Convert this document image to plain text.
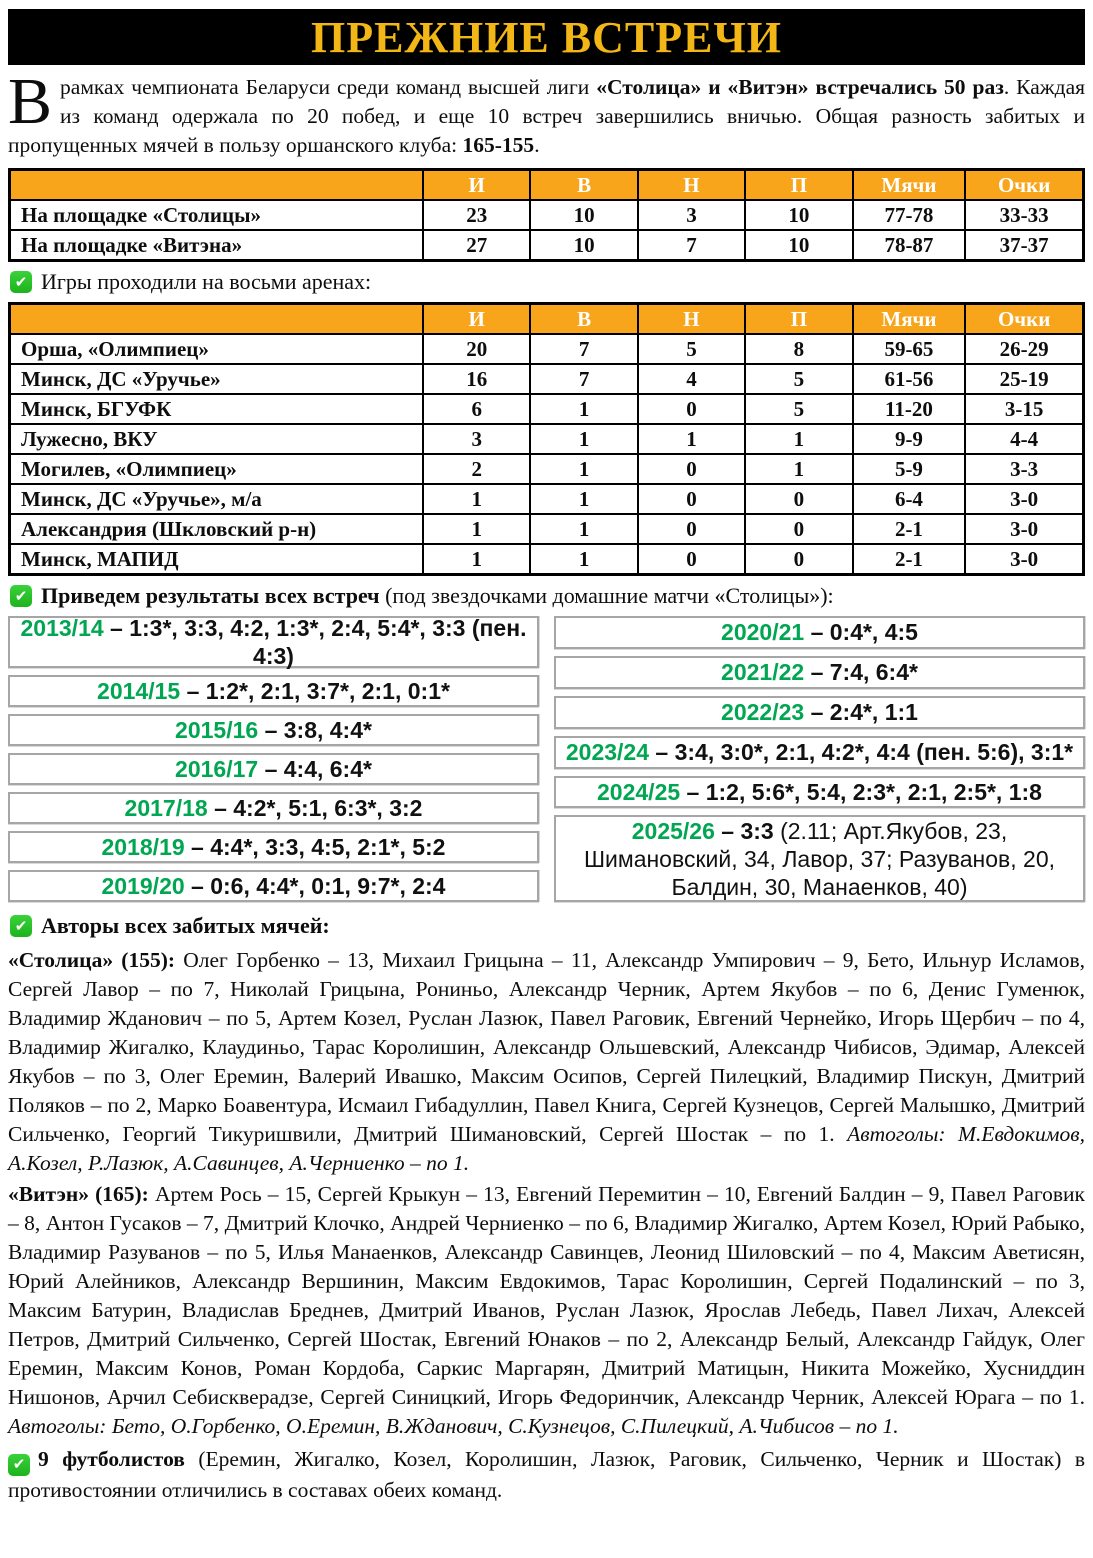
ПРЕЖНИЕ ВСТРЕЧИ

Врамках чемпионата Беларуси среди команд высшей лиги «Столица» и «Витэн» встречались 50 раз. Каждая из команд одержала по 20 побед, и еще 10 встреч завершились вничью. Общая разность забитых и пропущенных мячей в пользу оршанского клуба: 165-155.

	И	В	Н	П	Мячи	Очки
На площадке «Столицы»	23	10	3	10	77-78	33-33
На площадке «Витэна»	27	10	7	10	78-87	37-37
✔ Игры проходили на восьми аренах:
	И	В	Н	П	Мячи	Очки
Орша, «Олимпиец»	20	7	5	8	59-65	26-29
Минск, ДС «Уручье»	16	7	4	5	61-56	25-19
Минск, БГУФК	6	1	0	5	11-20	3-15
Лужесно, ВКУ	3	1	1	1	9-9	4-4
Могилев, «Олимпиец»	2	1	0	1	5-9	3-3
Минск, ДС «Уручье», м/а	1	1	0	0	6-4	3-0
Александрия (Шкловский р-н)	1	1	0	0	2-1	3-0
Минск, МАПИД	1	1	0	0	2-1	3-0
✔ Приведем результаты всех встреч (под звездочками домашние матчи «Столицы»):
2013/14 – 1:3*, 3:3, 4:2, 1:3*, 2:4, 5:4*, 3:3 (пен. 4:3)
2014/15 – 1:2*, 2:1, 3:7*, 2:1, 0:1*
2015/16 – 3:8, 4:4*
2016/17 – 4:4, 6:4*
2017/18 – 4:2*, 5:1, 6:3*, 3:2
2018/19 – 4:4*, 3:3, 4:5, 2:1*, 5:2
2019/20 – 0:6, 4:4*, 0:1, 9:7*, 2:4
2020/21 – 0:4*, 4:5
2021/22 – 7:4, 6:4*
2022/23 – 2:4*, 1:1
2023/24 – 3:4, 3:0*, 2:1, 4:2*, 4:4 (пен. 5:6), 3:1*
2024/25 – 1:2, 5:6*, 5:4, 2:3*, 2:1, 2:5*, 1:8
2025/26 – 3:3 (2.11; Арт.Якубов, 23, Шимановский, 34, Лавор, 37; Разуванов, 20, Балдин, 30, Манаенков, 40)
✔ Авторы всех забитых мячей:

«Столица» (155): Олег Горбенко – 13, Михаил Грицына – 11, Александр Умпирович – 9, Бето, Ильнур Исламов, Сергей Лавор – по 7, Николай Грицына, Рониньо, Александр Черник, Артем Якубов – по 6, Денис Гуменюк, Владимир Жданович – по 5, Артем Козел, Руслан Лазюк, Павел Раговик, Евгений Чернейко, Игорь Щербич – по 4, Владимир Жигалко, Клаудиньо, Тарас Королишин, Александр Ольшевский, Александр Чибисов, Эдимар, Алексей Якубов – по 3, Олег Еремин, Валерий Ивашко, Максим Осипов, Сергей Пилецкий, Владимир Пискун, Дмитрий Поляков – по 2, Марко Боавентура, Исмаил Гибадуллин, Павел Книга, Сергей Кузнецов, Сергей Малышко, Дмитрий Сильченко, Георгий Тикуришвили, Дмитрий Шимановский, Сергей Шостак – по 1. Автоголы: М.Евдокимов, А.Козел, Р.Лазюк, А.Савинцев, А.Черниенко – по 1.

«Витэн» (165): Артем Рось – 15, Сергей Крыкун – 13, Евгений Перемитин – 10, Евгений Балдин – 9, Павел Раговик – 8, Антон Гусаков – 7, Дмитрий Клочко, Андрей Черниенко – по 6, Владимир Жигалко, Артем Козел, Юрий Рабыко, Владимир Разуванов – по 5, Илья Манаенков, Александр Савинцев, Леонид Шиловский – по 4, Максим Аветисян, Юрий Алейников, Александр Вершинин, Максим Евдокимов, Тарас Королишин, Сергей Подалинский – по 3, Максим Батурин, Владислав Бреднев, Дмитрий Иванов, Руслан Лазюк, Ярослав Лебедь, Павел Лихач, Алексей Петров, Дмитрий Сильченко, Сергей Шостак, Евгений Юнаков – по 2, Александр Белый, Александр Гайдук, Олег Еремин, Максим Конов, Роман Кордоба, Саркис Маргарян, Дмитрий Матицын, Никита Можейко, Хусниддин Нишонов, Арчил Себискверадзе, Сергей Синицкий, Игорь Федоринчик, Александр Черник, Алексей Юрага – по 1. Автоголы: Бето, О.Горбенко, О.Еремин, В.Жданович, С.Кузнецов, С.Пилецкий, А.Чибисов – по 1.

✔ 9 футболистов (Еремин, Жигалко, Козел, Королишин, Лазюк, Раговик, Сильченко, Черник и Шостак) в противостоянии отличились в составах обеих команд.
